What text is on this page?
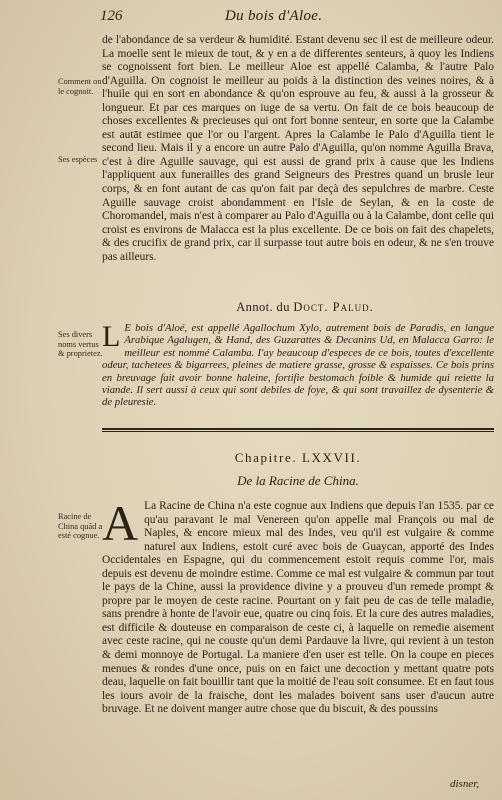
126	Du bois d'Aloe.
Comment on le cognoit.
Ses espèces

de l'abondance de sa verdeur & humidité. Estant devenu sec il est de meilleure odeur. La moelle sent le mieux de tout, & y en a de differentes senteurs, à quoy les Indiens se cognoissent fort bien. Le meilleur Aloe est appellé Calamba, & l'autre Palo d'Aguilla. On cognoist le meilleur au poids à la distinction des veines noires, & à l'huile qui en sort en abondance & qu'on esprouve au feu, & aussi à la grosseur & longueur. Et par ces marques on iuge de sa vertu. On fait de ce bois beaucoup de choses excellentes & precieuses qui ont fort bonne senteur, en sorte que la Calambe est autāt estimee que l'or ou l'argent. Apres la Calambe le Palo d'Aguilla tient le second lieu. Mais il y a encore un autre Palo d'Aguilla, qu'on nomme Aguilla Brava, c'est à dire Aguille sauvage, qui est aussi de grand prix à cause que les Indiens l'appliquent aux funerailles des grand Seigneurs des Prestres quand un brusle leur corps, & en font autant de cas qu'on fait par deçà des sepulchres de marbre. Ceste Aguille sauvage croist abondamment en l'Isle de Seylan, & en la coste de Choromandel, mais n'est à comparer au Palo d'Aguilla ou à la Calambe, dont celle qui croist es environs de Malacca est la plus excellente. De ce bois on fait des chapelets, & des crucifix de grand prix, car il surpasse tout autre bois en odeur, & ne s'en trouve pas ailleurs.

Annot. du Doct. Palud.
Ses divers noms vertus & proprietez.
L E bois d'Aloé, est appellé Agallochum Xylo, autrement bois de Paradis, en langue Arabique Agalugen, & Hand, des Guzarattes & Decanins Ud, en Malacca Garro: le meilleur est nommé Calamba. I'ay beaucoup d'especes de ce bois, toutes d'excellente odeur, tachetees & bigarrees, pleines de matiere grasse, grosse & espaisses. Ce bois prins en breuvage fait avoir bonne haleine, fortifie bestomach foible & humide qui reiette la viande. Il sert aussi à ceux qui sont debiles de foye, & qui sont travaillez de dysenterie & de pleuresie.
Chapitre. LXXVII.
De la Racine de China.
Racine de China quād a esté cognue. A La Racine de China n'a este cognue aux Indiens que depuis l'an 1535. par ce qu'au paravant le mal Venereen qu'on appelle mal François ou mal de Naples, & encore mieux mal des Indes, veu qu'il est vulgaire & comme naturel aux Indiens, estoit curé avec bois de Guaycan, apporté des Indes Occidentales en Espagne, qui du commencement estoit requis comme l'or, mais depuis est devenu de moindre estime. Comme ce mal est vulgaire & commun par tout le pays de la Chine, aussi la providence divine y a prouveu d'un remede prompt & propre par le moyen de ceste racine. Pourtant on y fait peu de cas de telle maladie, sans prendre à honte de l'avoir eue, quatre ou cinq fois. Et la cure des autres maladies, est difficile & douteuse en comparaison de ceste ci, à laquelle on remedie aisement avec ceste racine, qui ne couste qu'un demi Pardauve la livre, qui revient à un teston & demi monnoye de Portugal. La maniere d'en user est telle. On la coupe en pieces menues & rondes d'une once, puis on en faict une decoction y mettant quatre pots deau, laquelle on fait bouillir tant que la moitié de l'eau soit consumee. Et en faut tous les iours avoir de la fraische, dont les malades boivent sans user d'aucun autre bruvage. Et ne doivent manger autre chose que du biscuit, & des poussins
disner,
